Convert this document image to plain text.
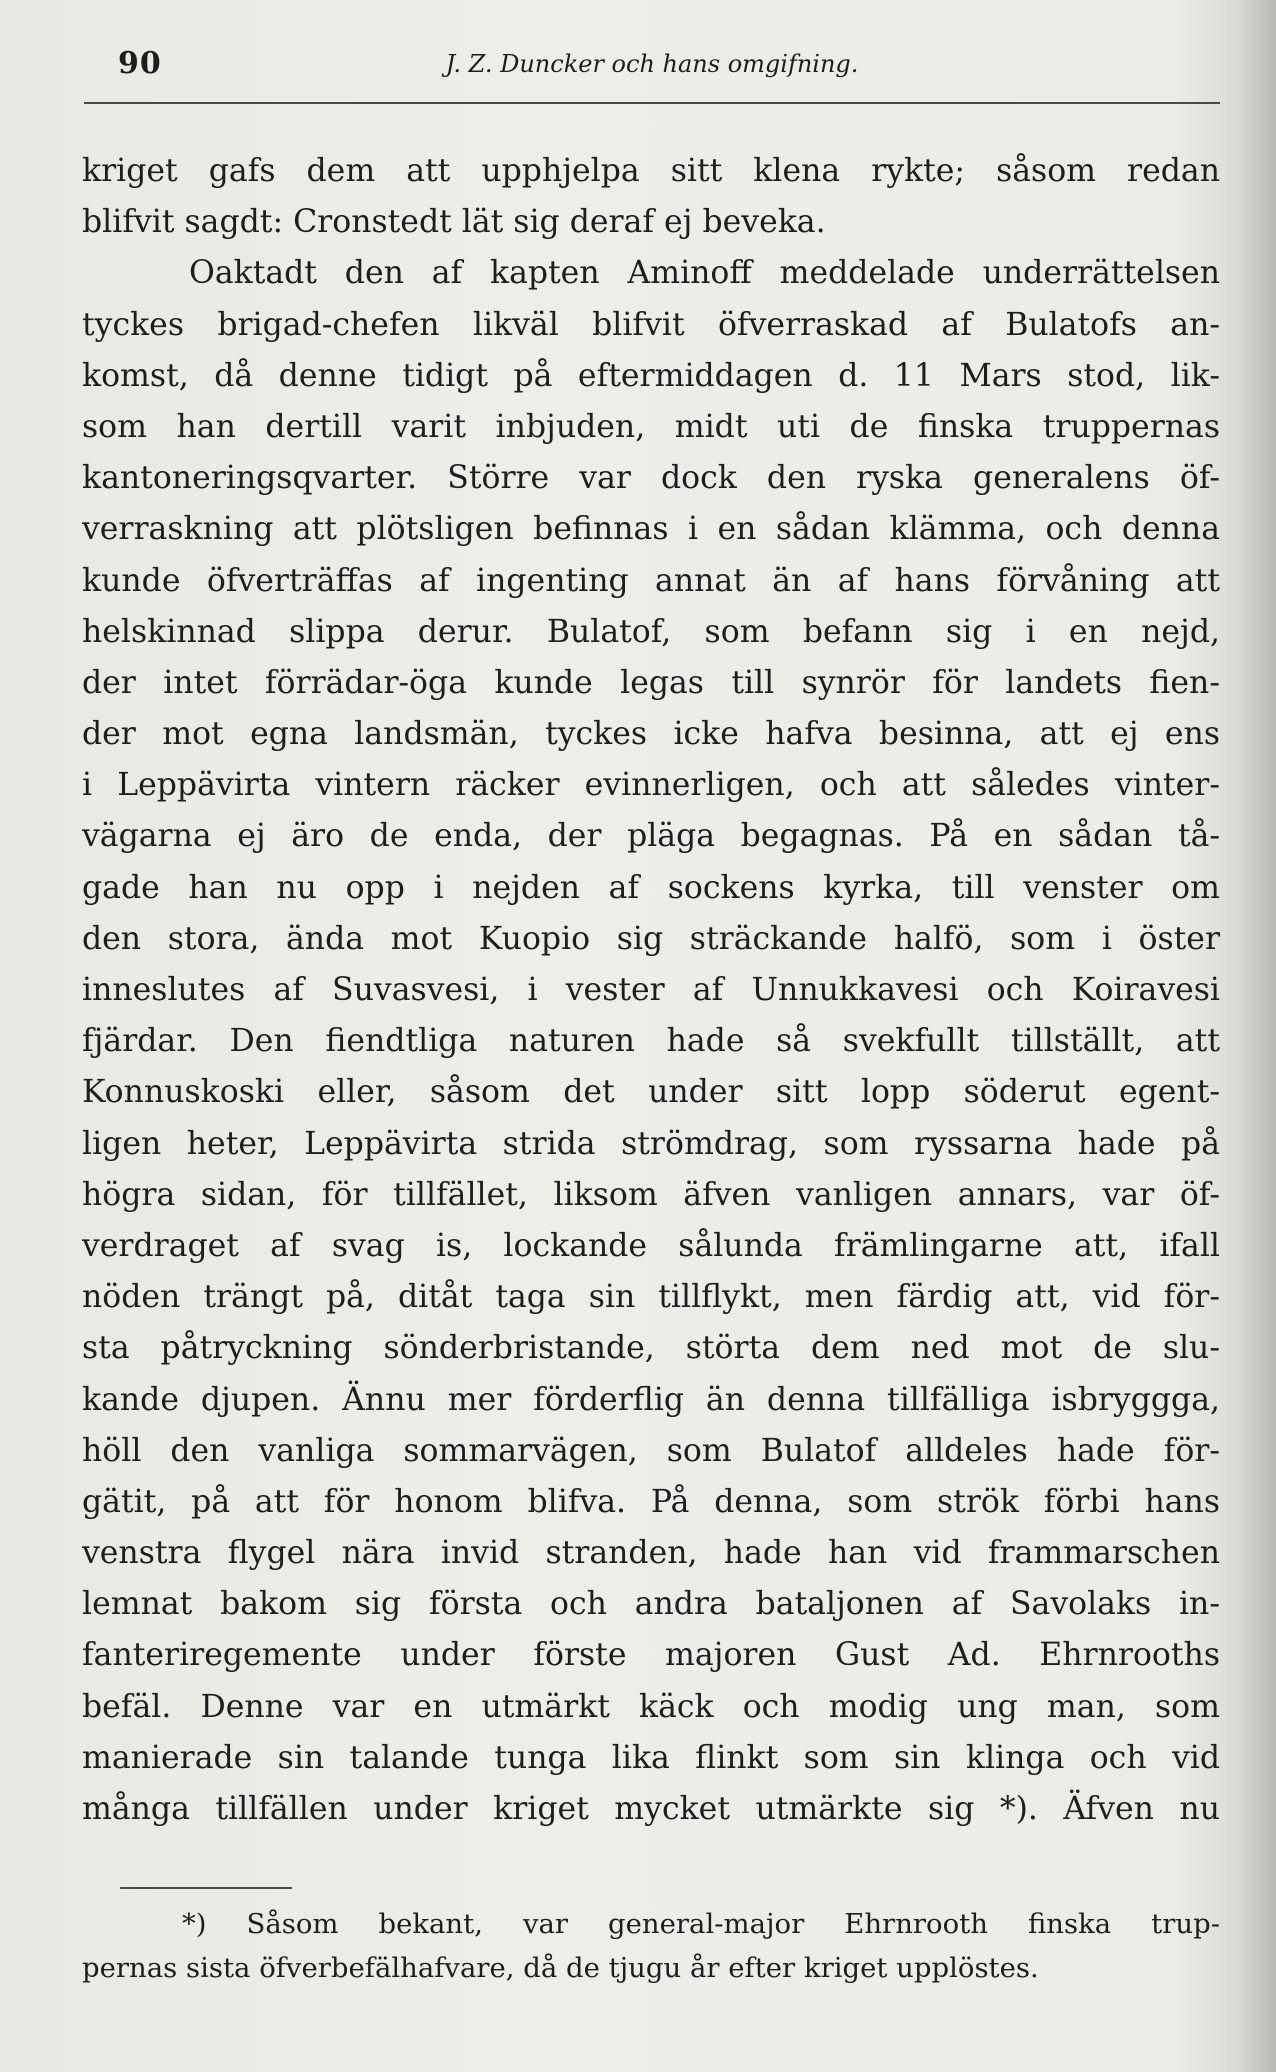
90	J. Z. Duncker och hans omgifning.
kriget gafs dem att upphjelpa sitt klena rykte; såsom redan
blifvit sagdt: Cronstedt lät sig deraf ej beveka.
Oaktadt den af kapten Aminoff meddelade underrättelsen
tyckes brigad-chefen likväl blifvit öfverraskad af Bulatofs an-
komst, då denne tidigt på eftermiddagen d. 11 Mars stod, lik-
som han dertill varit inbjuden, midt uti de finska truppernas
kantoneringsqvarter. Större var dock den ryska generalens öf-
verraskning att plötsligen befinnas i en sådan klämma, och denna
kunde öfverträffas af ingenting annat än af hans förvåning att
helskinnad slippa derur. Bulatof, som befann sig i en nejd,
der intet förrädar-öga kunde legas till synrör för landets fien-
der mot egna landsmän, tyckes icke hafva besinna, att ej ens
i Leppävirta vintern räcker evinnerligen, och att således vinter-
vägarna ej äro de enda, der pläga begagnas. På en sådan tå-
gade han nu opp i nejden af sockens kyrka, till venster om
den stora, ända mot Kuopio sig sträckande halfö, som i öster
inneslutes af Suvasvesi, i vester af Unnukkavesi och Koiravesi
fjärdar. Den fiendtliga naturen hade så svekfullt tillställt, att
Konnuskoski eller, såsom det under sitt lopp söderut egent-
ligen heter, Leppävirta strida strömdrag, som ryssarna hade på
högra sidan, för tillfället, liksom äfven vanligen annars, var öf-
verdraget af svag is, lockande sålunda främlingarne att, ifall
nöden trängt på, ditåt taga sin tillflykt, men färdig att, vid för-
sta påtryckning sönderbristande, störta dem ned mot de slu-
kande djupen. Ännu mer förderflig än denna tillfälliga isbryggga,
höll den vanliga sommarvägen, som Bulatof alldeles hade för-
gätit, på att för honom blifva. På denna, som strök förbi hans
venstra flygel nära invid stranden, hade han vid frammarschen
lemnat bakom sig första och andra bataljonen af Savolaks in-
fanteriregemente under förste majoren Gust Ad. Ehrnrooths
befäl. Denne var en utmärkt käck och modig ung man, som
manierade sin talande tunga lika flinkt som sin klinga och vid
många tillfällen under kriget mycket utmärkte sig *). Äfven nu
*) Såsom bekant, var general-major Ehrnrooth finska trup-
pernas sista öfverbefälhafvare, då de tjugu år efter kriget upplöstes.
